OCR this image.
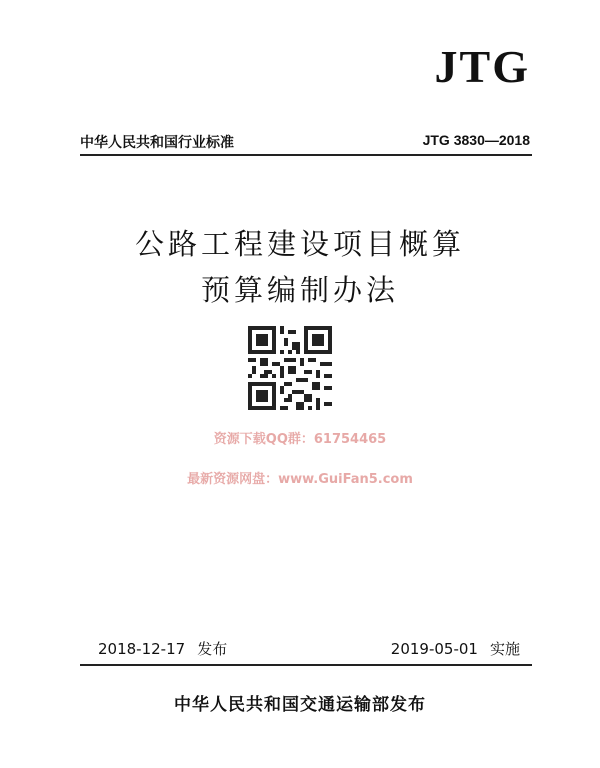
JTG
中华人民共和国行业标准	JTG 3830—2018
公路工程建设项目概算
预算编制办法
资源下载QQ群：61754465
最新资源网盘：www.GuiFan5.com
2018-12-17 发布	2019-05-01 实施
中华人民共和国交通运输部发布
